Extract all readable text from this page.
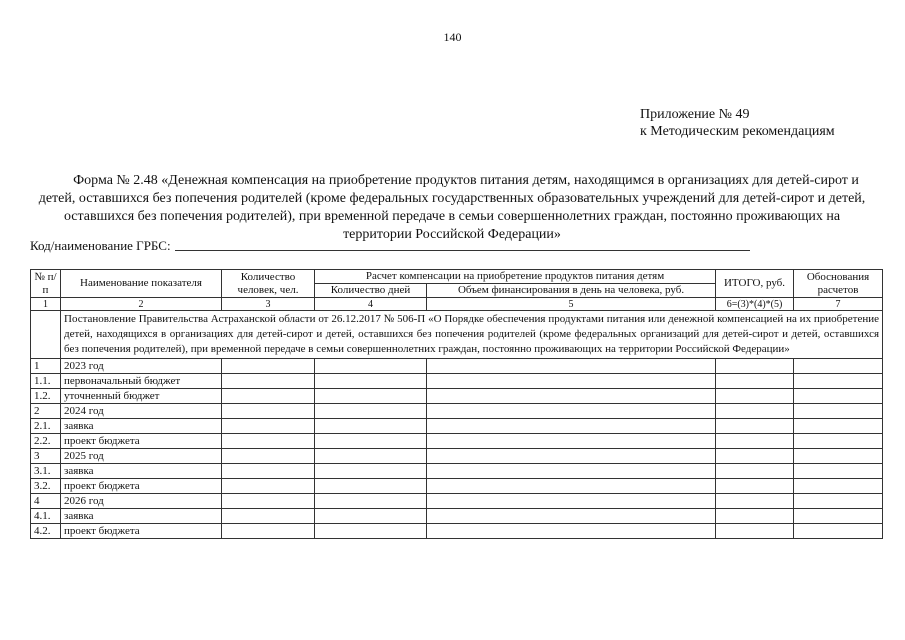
140
Приложение № 49
к Методическим рекомендациям
Форма № 2.48 «Денежная компенсация на приобретение продуктов питания детям, находящимся в организациях для детей-сирот и детей, оставшихся без попечения родителей (кроме федеральных государственных образовательных учреждений для детей-сирот и детей, оставшихся без попечения родителей), при временной передаче в семьи совершеннолетних граждан, постоянно проживающих на территории Российской Федерации»
Код/наименование ГРБС:
№ п/п	Наименование показателя	Количество человек, чел.	Расчет компенсации на приобретение продуктов питания детям		ИТОГО, руб.	Обоснования расчетов
			Количество дней	Объем финансирования в день на человека, руб.		
1	2	3	4	5	6=(3)*(4)*(5)	7
	Постановление Правительства Астраханской области от 26.12.2017 № 506-П «О Порядке обеспечения продуктами питания или денежной компенсацией на их приобретение детей, находящихся в организациях для детей-сирот и детей, оставшихся без попечения родителей (кроме федеральных организаций для детей-сирот и детей, оставшихся без попечения родителей), при временной передаче в семьи совершеннолетних граждан, постоянно проживающих на территории Российской Федерации»					
1	2023 год					
1.1.	первоначальный бюджет					
1.2.	уточненный бюджет					
2	2024 год					
2.1.	заявка					
2.2.	проект бюджета					
3	2025 год					
3.1.	заявка					
3.2.	проект бюджета					
4	2026 год					
4.1.	заявка					
4.2.	проект бюджета					
